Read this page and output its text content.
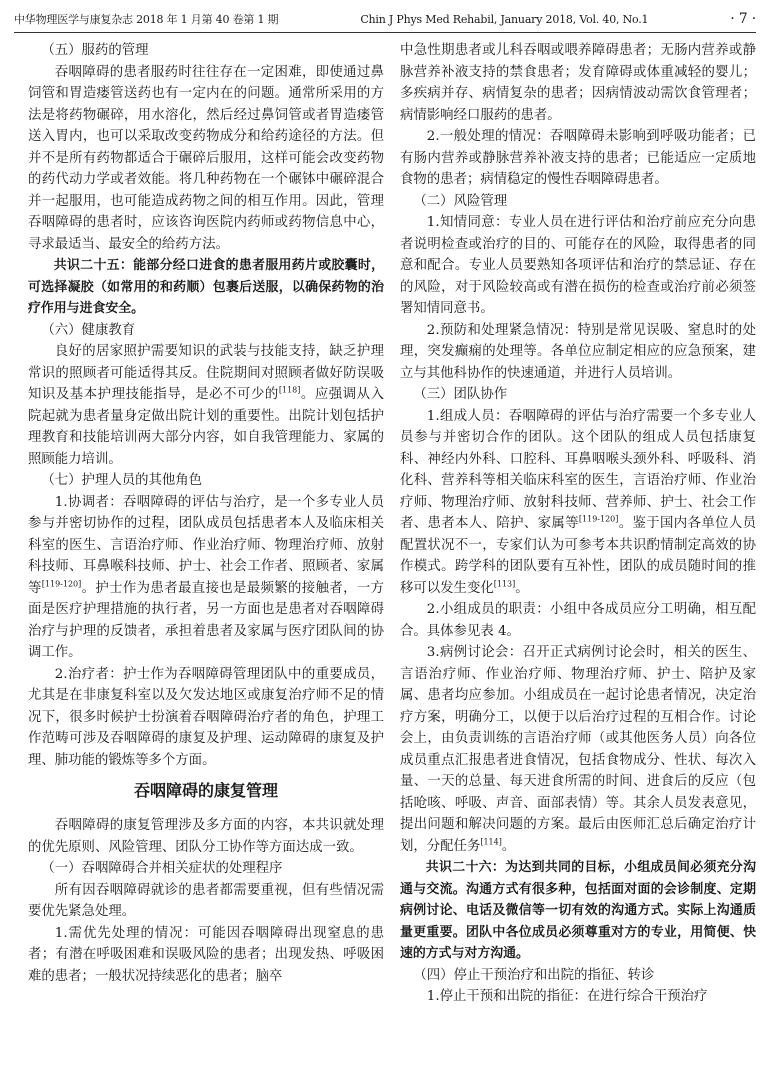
中华物理医学与康复杂志 2018 年 1 月第 40 卷第 1 期	Chin J Phys Med Rehabil, January 2018, Vol. 40, No.1	· 7 ·
（五）服药的管理

吞咽障碍的患者服药时往往存在一定困难，即使通过鼻饲管和胃造瘘管送药也有一定内在的问题。通常所采用的方法是将药物碾碎，用水溶化，然后经过鼻饲管或者胃造瘘管送入胃内，也可以采取改变药物成分和给药途径的方法。但并不是所有药物都适合于碾碎后服用，这样可能会改变药物的药代动力学或者效能。将几种药物在一个碾钵中碾碎混合并一起服用，也可能造成药物之间的相互作用。因此，管理吞咽障碍的患者时，应该咨询医院内药师或药物信息中心，寻求最适当、最安全的给药方法。

共识二十五：能部分经口进食的患者服用药片或胶囊时，可选择凝胶（如常用的和药顺）包裹后送服，以确保药物的治疗作用与进食安全。

（六）健康教育

良好的居家照护需要知识的武装与技能支持，缺乏护理常识的照顾者可能适得其反。住院期间对照顾者做好防误吸知识及基本护理技能指导，是必不可少的[118]。应强调从入院起就为患者量身定做出院计划的重要性。出院计划包括护理教育和技能培训两大部分内容，如自我管理能力、家属的照顾能力培训。

（七）护理人员的其他角色

1.协调者：吞咽障碍的评估与治疗，是一个多专业人员参与并密切协作的过程，团队成员包括患者本人及临床相关科室的医生、言语治疗师、作业治疗师、物理治疗师、放射科技师、耳鼻喉科技师、护士、社会工作者、照顾者、家属等[119-120]。护士作为患者最直接也是最频繁的接触者，一方面是医疗护理措施的执行者，另一方面也是患者对吞咽障碍治疗与护理的反馈者，承担着患者及家属与医疗团队间的协调工作。

2.治疗者：护士作为吞咽障碍管理团队中的重要成员，尤其是在非康复科室以及欠发达地区或康复治疗师不足的情况下，很多时候护士扮演着吞咽障碍治疗者的角色，护理工作范畴可涉及吞咽障碍的康复及护理、运动障碍的康复及护理、肺功能的锻炼等多个方面。

吞咽障碍的康复管理

吞咽障碍的康复管理涉及多方面的内容，本共识就处理的优先原则、风险管理、团队分工协作等方面达成一致。

（一）吞咽障碍合并相关症状的处理程序

所有因吞咽障碍就诊的患者都需要重视，但有些情况需要优先紧急处理。

1.需优先处理的情况：可能因吞咽障碍出现窒息的患者；有潜在呼吸困难和误吸风险的患者；出现发热、呼吸困难的患者；一般状况持续恶化的患者；脑卒

中急性期患者或儿科吞咽或喂养障碍患者；无肠内营养或静脉营养补液支持的禁食患者；发育障碍或体重减轻的婴儿；多疾病并存、病情复杂的患者；因病情波动需饮食管理者；病情影响经口服药的患者。

2.一般处理的情况：吞咽障碍未影响到呼吸功能者；已有肠内营养或静脉营养补液支持的患者；已能适应一定质地食物的患者；病情稳定的慢性吞咽障碍患者。

（二）风险管理

1.知情同意：专业人员在进行评估和治疗前应充分向患者说明检查或治疗的目的、可能存在的风险，取得患者的同意和配合。专业人员要熟知各项评估和治疗的禁忌证、存在的风险，对于风险较高或有潜在损伤的检查或治疗前必须签署知情同意书。

2.预防和处理紧急情况：特别是常见误吸、窒息时的处理，突发癫痫的处理等。各单位应制定相应的应急预案，建立与其他科协作的快速通道，并进行人员培训。

（三）团队协作

1.组成人员：吞咽障碍的评估与治疗需要一个多专业人员参与并密切合作的团队。这个团队的组成人员包括康复科、神经内外科、口腔科、耳鼻咽喉头颈外科、呼吸科、消化科、营养科等相关临床科室的医生，言语治疗师、作业治疗师、物理治疗师、放射科技师、营养师、护士、社会工作者、患者本人、陪护、家属等[119-120]。鉴于国内各单位人员配置状况不一，专家们认为可参考本共识酌情制定高效的协作模式。跨学科的团队要有互补性，团队的成员随时间的推移可以发生变化[113]。

2.小组成员的职责：小组中各成员应分工明确，相互配合。具体参见表 4。

3.病例讨论会：召开正式病例讨论会时，相关的医生、言语治疗师、作业治疗师、物理治疗师、护士、陪护及家属、患者均应参加。小组成员在一起讨论患者情况，决定治疗方案，明确分工，以便于以后治疗过程的互相合作。讨论会上，由负责训练的言语治疗师（或其他医务人员）向各位成员重点汇报患者进食情况，包括食物成分、性状、每次入量、一天的总量、每天进食所需的时间、进食后的反应（包括呛咳、呼吸、声音、面部表情）等。其余人员发表意见，提出问题和解决问题的方案。最后由医师汇总后确定治疗计划，分配任务[114]。

共识二十六：为达到共同的目标，小组成员间必须充分沟通与交流。沟通方式有很多种，包括面对面的会诊制度、定期病例讨论、电话及微信等一切有效的沟通方式。实际上沟通质量更重要。团队中各位成员必须尊重对方的专业，用简便、快速的方式与对方沟通。

（四）停止干预治疗和出院的指征、转诊

1.停止干预和出院的指征：在进行综合干预治疗
